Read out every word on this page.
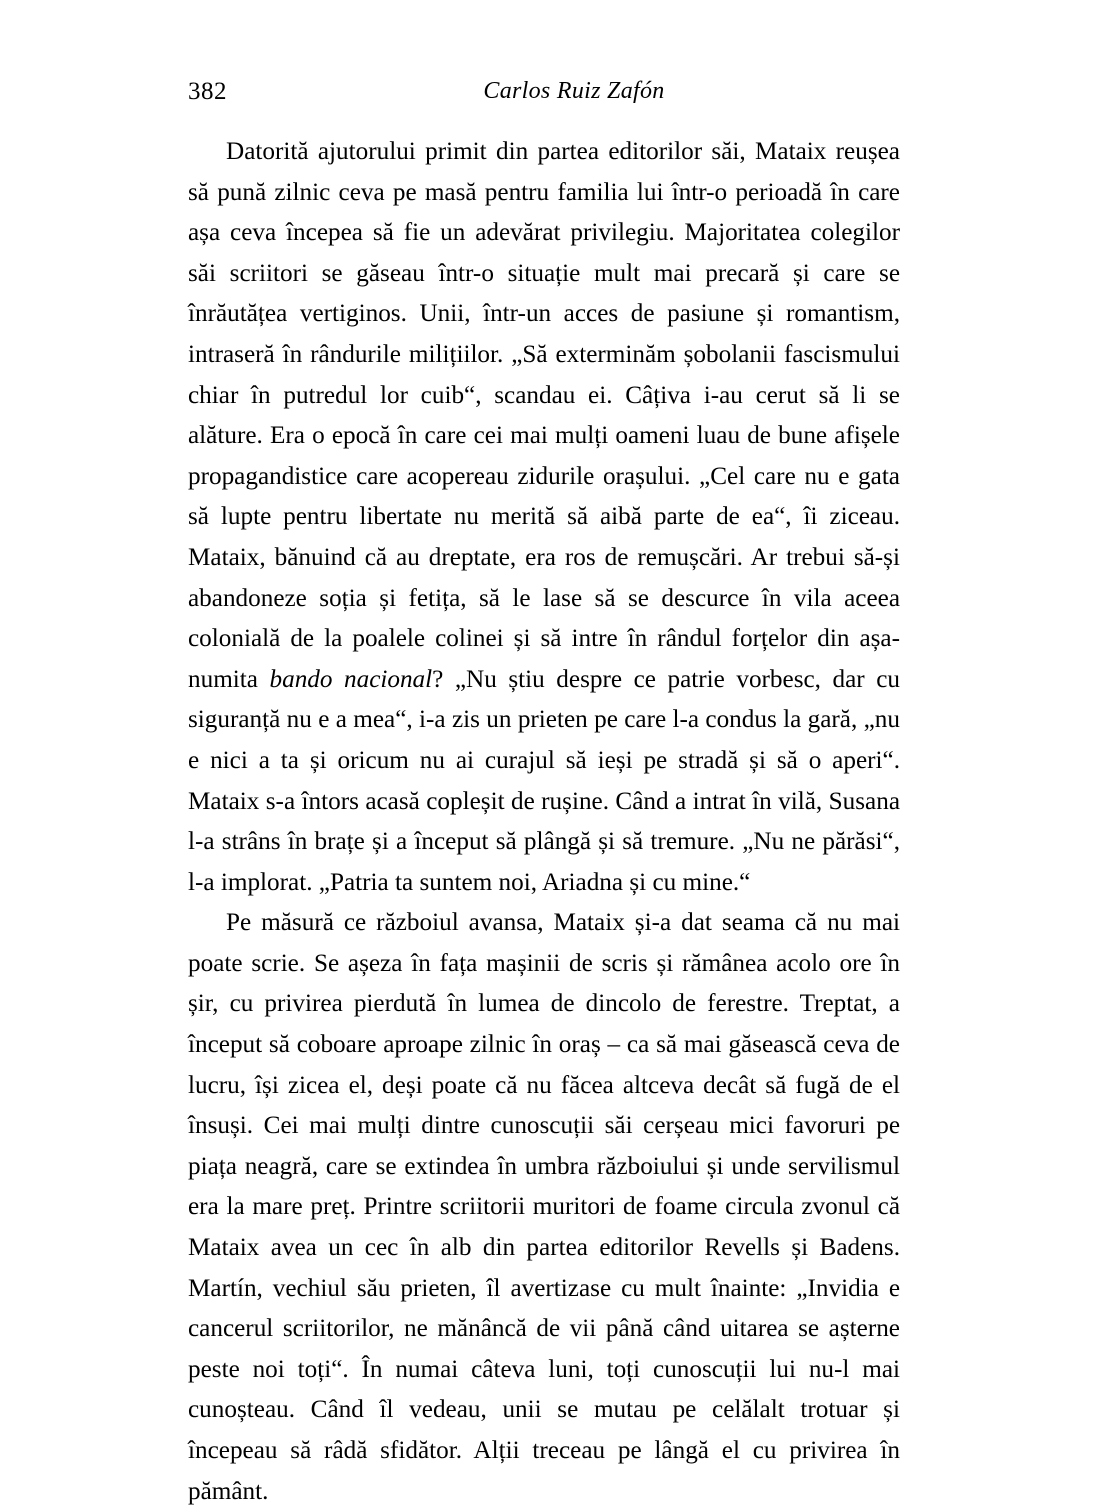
382	Carlos Ruiz Zafón

Datorită ajutorului primit din partea editorilor săi, Mataix reușea să pună zilnic ceva pe masă pentru familia lui într-o perioadă în care așa ceva începea să fie un adevărat privilegiu. Majoritatea colegilor săi scriitori se găseau într-o situație mult mai precară și care se înrăutățea vertiginos. Unii, într-un acces de pasiune și romantism, intraseră în rândurile milițiilor. „Să exterminăm șobolanii fascismului chiar în putredul lor cuib“, scandau ei. Câțiva i-au cerut să li se alăture. Era o epocă în care cei mai mulți oameni luau de bune afișele propagandistice care acopereau zidurile orașului. „Cel care nu e gata să lupte pentru libertate nu merită să aibă parte de ea“, îi ziceau. Mataix, bănuind că au dreptate, era ros de remușcări. Ar trebui să-și abandoneze soția și fetița, să le lase să se descurce în vila aceea colonială de la poalele colinei și să intre în rândul forțelor din așa-numita bando nacional? „Nu știu despre ce patrie vorbesc, dar cu siguranță nu e a mea“, i-a zis un prieten pe care l-a condus la gară, „nu e nici a ta și oricum nu ai curajul să ieși pe stradă și să o aperi“. Mataix s-a întors acasă copleșit de rușine. Când a intrat în vilă, Susana l-a strâns în brațe și a început să plângă și să tremure. „Nu ne părăsi“, l-a implorat. „Patria ta suntem noi, Ariadna și cu mine.“

Pe măsură ce războiul avansa, Mataix și-a dat seama că nu mai poate scrie. Se așeza în fața mașinii de scris și rămânea acolo ore în șir, cu privirea pierdută în lumea de dincolo de ferestre. Treptat, a început să coboare aproape zilnic în oraș – ca să mai găsească ceva de lucru, își zicea el, deși poate că nu făcea altceva decât să fugă de el însuși. Cei mai mulți dintre cunoscuții săi cerșeau mici favoruri pe piața neagră, care se extindea în umbra războiului și unde servilismul era la mare preț. Printre scriitorii muritori de foame circula zvonul că Mataix avea un cec în alb din partea editorilor Revells și Badens. Martín, vechiul său prieten, îl avertizase cu mult înainte: „Invidia e cancerul scriitorilor, ne mănâncă de vii până când uitarea se așterne peste noi toți“. În numai câteva luni, toți cunoscuții lui nu-l mai cunoșteau. Când îl vedeau, unii se mutau pe celălalt trotuar și începeau să râdă sfidător. Alții treceau pe lângă el cu privirea în pământ.
